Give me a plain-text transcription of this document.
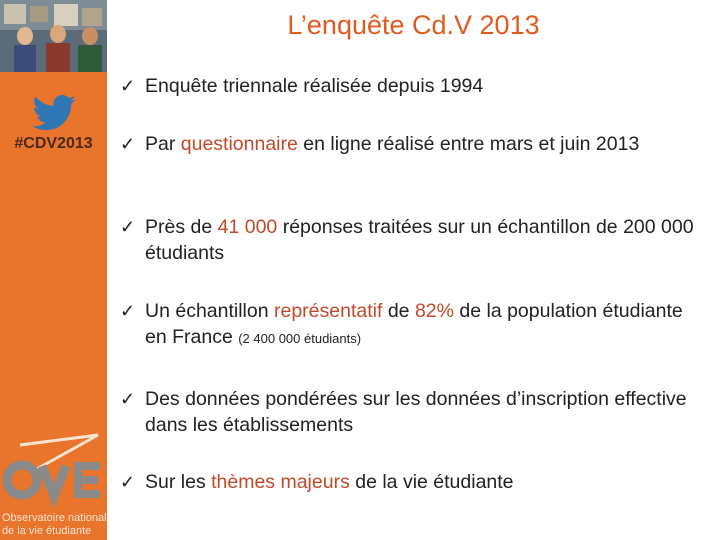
#CDV2013
Observatoire national
de la vie étudiante
L’enquête Cd.V 2013
✓ Enquête triennale réalisée depuis 1994
✓ Par questionnaire en ligne réalisé entre mars et juin 2013
✓ Près de 41 000 réponses traitées sur un échantillon de 200 000 étudiants
✓ Un échantillon représentatif de 82% de la population étudiante en France (2 400 000 étudiants)
✓ Des données pondérées sur les données d’inscription effective dans les établissements
✓ Sur les thèmes majeurs de la vie étudiante
